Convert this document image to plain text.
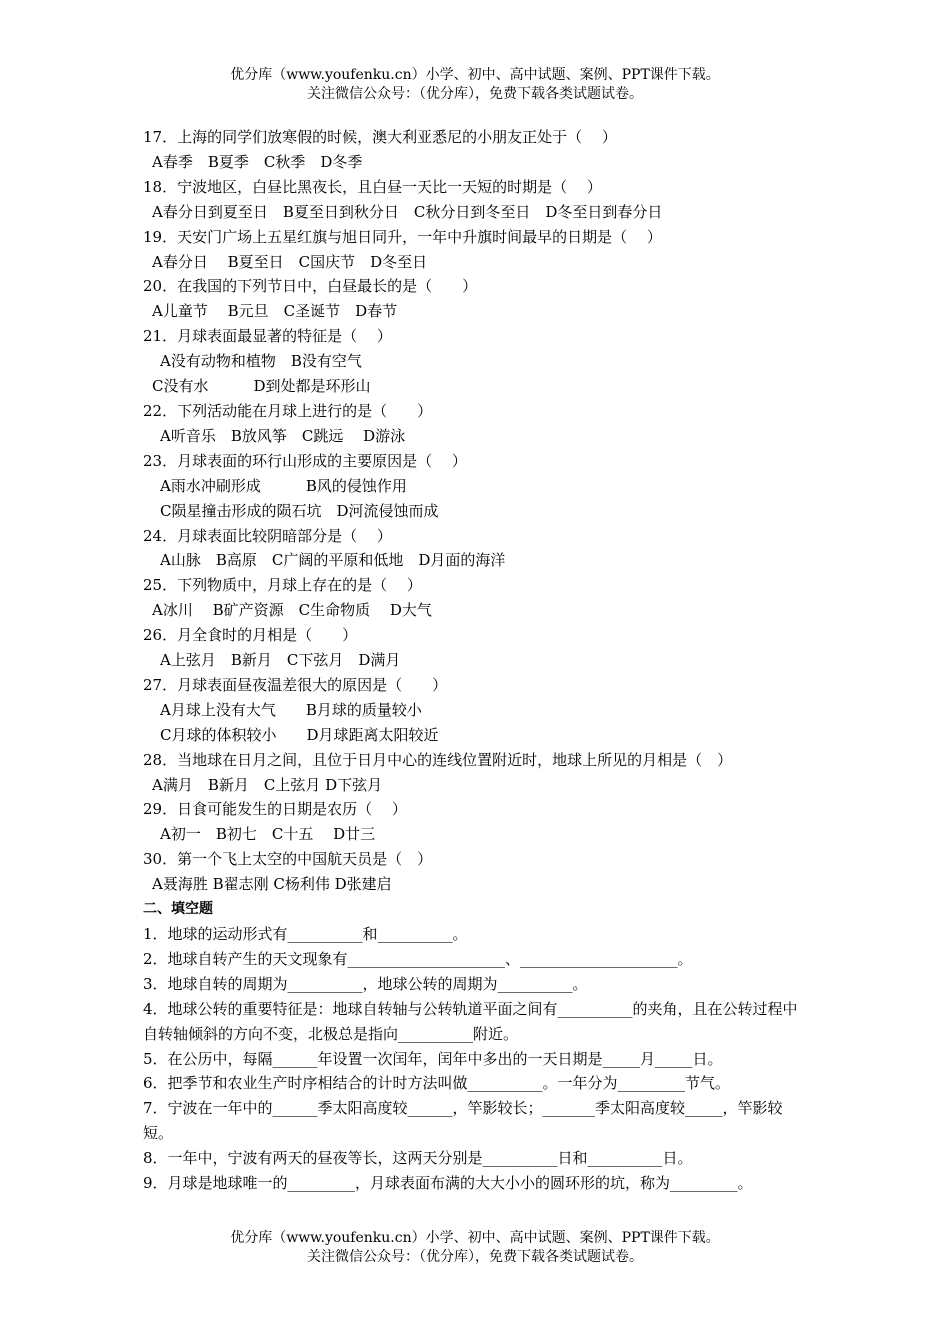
优分库（www.youfenku.cn）小学、初中、高中试题、案例、PPT课件下载。
关注微信公众号：（优分库），免费下载各类试题试卷。
17．上海的同学们放寒假的时候，澳大利亚悉尼的小朋友正处于（　 ）
A春季　B夏季　C秋季　D冬季
18．宁波地区，白昼比黑夜长，且白昼一天比一天短的时期是（　 ）
A春分日到夏至日　B夏至日到秋分日　C秋分日到冬至日　D冬至日到春分日
19．天安门广场上五星红旗与旭日同升，一年中升旗时间最早的日期是（　 ）
A春分日　 B夏至日　C国庆节　D冬至日
20．在我国的下列节日中，白昼最长的是（　　）
A儿童节　 B元旦　C圣诞节　D春节
21．月球表面最显著的特征是（　 ）
A没有动物和植物　B没有空气
C没有水　　　D到处都是环形山
22．下列活动能在月球上进行的是（　　）
A听音乐　B放风筝　C跳远　 D游泳
23．月球表面的环行山形成的主要原因是（　 ）
A雨水冲刷形成　　　B风的侵蚀作用
C陨星撞击形成的陨石坑　D河流侵蚀而成
24．月球表面比较阴暗部分是（　 ）
A山脉　B高原　C广阔的平原和低地　D月面的海洋
25．下列物质中，月球上存在的是（　 ）
A冰川　 B矿产资源　C生命物质　 D大气
26．月全食时的月相是（　　）
A上弦月　B新月　C下弦月　D满月
27．月球表面昼夜温差很大的原因是（　　）
A月球上没有大气　　B月球的质量较小
C月球的体积较小　　D月球距离太阳较近
28．当地球在日月之间，且位于日月中心的连线位置附近时，地球上所见的月相是（　）
A满月　B新月　C上弦月 D下弦月
29．日食可能发生的日期是农历（　 ）
A初一　B初七　C十五　 D廿三
30．第一个飞上太空的中国航天员是（　）
A聂海胜 B翟志刚 C杨利伟 D张建启
二、填空题
1．地球的运动形式有__________和__________。
2．地球自转产生的天文现象有_____________________、_____________________。
3．地球自转的周期为__________，地球公转的周期为__________。
4．地球公转的重要特征是：地球自转轴与公转轨道平面之间有__________的夹角，且在公转过程中自转轴倾斜的方向不变，北极总是指向__________附近。
5．在公历中，每隔______年设置一次闰年，闰年中多出的一天日期是_____月_____日。
6．把季节和农业生产时序相结合的计时方法叫做__________。一年分为_________节气。
7．宁波在一年中的______季太阳高度较______，竿影较长；_______季太阳高度较_____，竿影较短。
8．一年中，宁波有两天的昼夜等长，这两天分别是__________日和__________日。
9．月球是地球唯一的_________，月球表面布满的大大小小的圆环形的坑，称为_________。
优分库（www.youfenku.cn）小学、初中、高中试题、案例、PPT课件下载。
关注微信公众号：（优分库），免费下载各类试题试卷。
